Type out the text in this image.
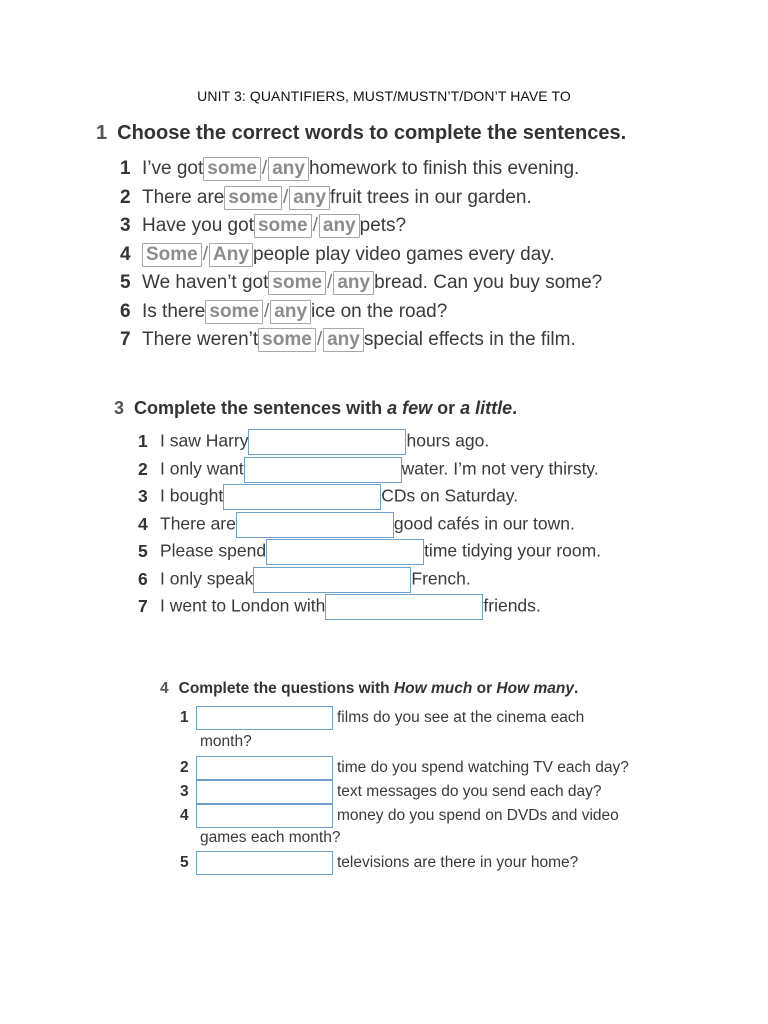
UNIT 3: QUANTIFIERS, MUST/MUSTN’T/DON’T HAVE TO
1 Choose the correct words to complete the sentences.
1 I’ve got some / any homework to finish this evening.
2 There are some / any fruit trees in our garden.
3 Have you got some / any pets?
4 Some / Any people play video games every day.
5 We haven’t got some / any bread. Can you buy some?
6 Is there some / any ice on the road?
7 There weren’t some / any special effects in the film.
3 Complete the sentences with a few or a little.
1 I saw Harry	hours ago.
2 I only want	water. I’m not very thirsty.
3 I bought	CDs on Saturday.
4 There are	good cafés in our town.
5 Please spend	time tidying your room.
6 I only speak	French.
7 I went to London with	friends.
4 Complete the questions with How much or How many.
1	films do you see at the cinema each
month?
2	time do you spend watching TV each day?
3	text messages do you send each day?
4	money do you spend on DVDs and video
games each month?
5	televisions are there in your home?
